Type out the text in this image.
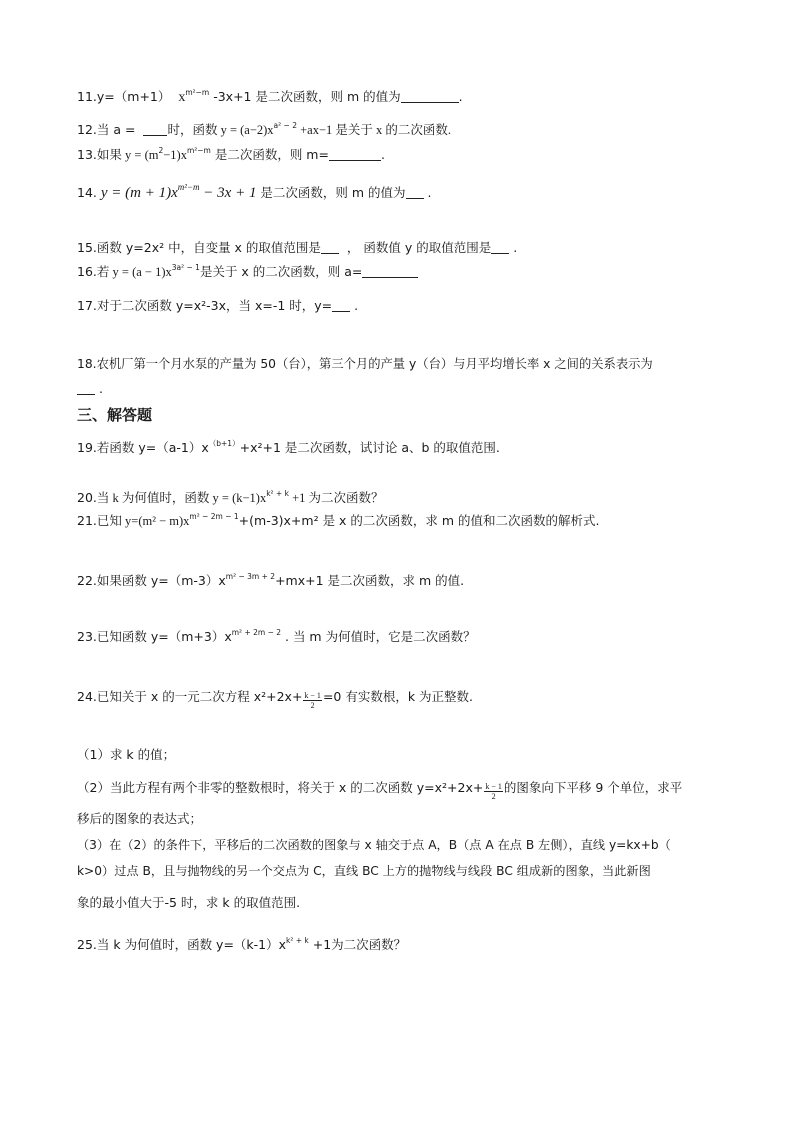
11.y=（m+1） $x^{m^2-m}$ -3x+1 是二次函数，则 m 的值为	.
12.当 a =  时，函数 $y = (a-2)x^{a^2 - 2} +ax-1$ 是关于 x 的二次函数.
13.如果 $y = (m^2-1)x^{m^2-m}$ 是二次函数，则 m=	.
14. $y = (m + 1)x^{m^2-m} - 3x + 1$ 是二次函数，则 m 的值为 .
15.函数 y=2x² 中，自变量 x 的取值范围是 ， 函数值 y 的取值范围是 .
16.若 $y = (a - 1)x^{3a^2 - 1}$是关于 x 的二次函数，则 a=
17.对于二次函数 y=x²-3x，当 x=-1 时，y= .
18.农机厂第一个月水泵的产量为 50（台），第三个月的产量 y（台）与月平均增长率 x 之间的关系表示为
.
三、解答题
19.若函数 $y=(a-1)x^{(b+1)}+x^2+1$ 是二次函数，试讨论 a、b 的取值范围.
20.当 k 为何值时，函数 $y = (k-1)x^{k^2 + k} +1$ 为二次函数？
21.已知 $y=(m^2 - m)x^{m^2 - 2m - 1}+(m-3)x+m^2$ 是 x 的二次函数，求 m 的值和二次函数的解析式.
22.如果函数 $y=(m-3)x^{m^2 - 3m + 2}+mx+1$ 是二次函数，求 m 的值.
23.已知函数 $y=(m+3)x^{m^2 + 2m - 2}$ . 当 m 为何值时，它是二次函数？
24.已知关于 x 的一元二次方程 $x^2+2x+ \frac{k - 1}{2} =0$ 有实数根，k 为正整数.
（1）求 k 的值；
（2）当此方程有两个非零的整数根时，将关于 x 的二次函数 $y=x^2+2x+ \frac{k - 1}{2}$ 的图象向下平移 9 个单位，求平
移后的图象的表达式；
（3）在（2）的条件下，平移后的二次函数的图象与 x 轴交于点 A，B（点 A 在点 B 左侧），直线 y=kx+b（
k>0）过点 B，且与抛物线的另一个交点为 C，直线 BC 上方的抛物线与线段 BC 组成新的图象，当此新图
象的最小值大于-5 时，求 k 的取值范围.
25.当 k 为何值时，函数 $y=(k-1)x^{k^2 + k} +1$为二次函数？
